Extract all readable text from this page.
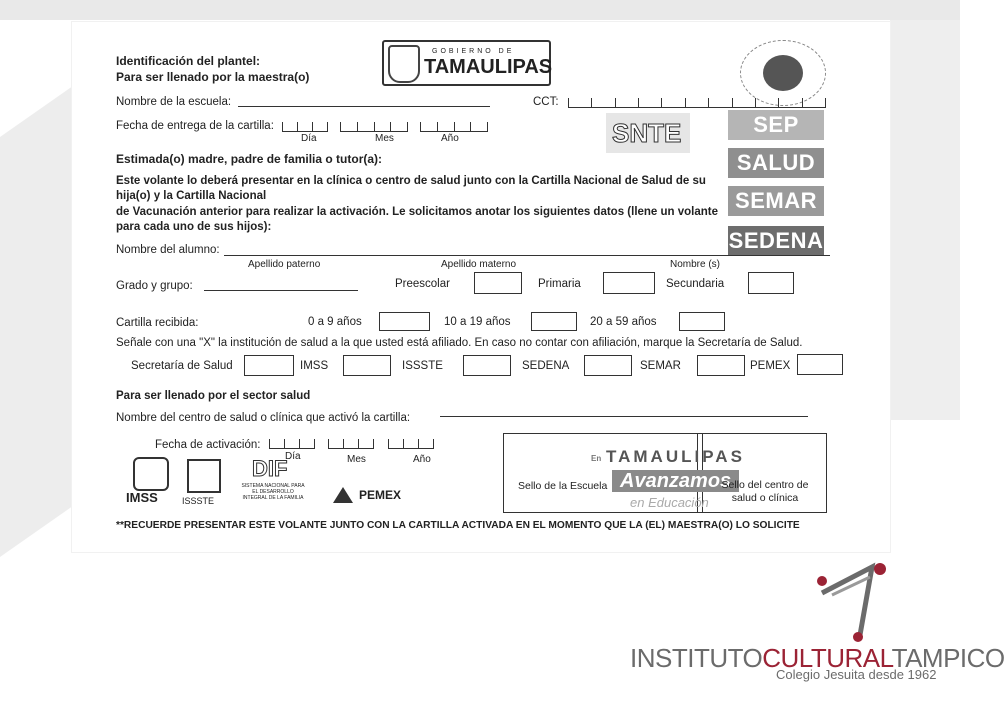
Identificación del plantel:
Para ser llenado por la maestra(o)
GOBIERNO DE
TAMAULIPAS
Nombre de la escuela:	CCT:
Fecha de entrega de la cartilla:
Día	Mes	Año	SNTE	SEP
SALUD
SEMAR
SEDENA
Estimada(o) madre, padre de familia o tutor(a):
Este volante lo deberá presentar en la clínica o centro de salud junto con la Cartilla Nacional de Salud de su
hija(o) y la Cartilla Nacional
de Vacunación anterior para realizar la activación. Le solicitamos anotar los siguientes datos (llene un volante
para cada uno de sus hijos):
Nombre del alumno:
Apellido paterno	Apellido materno	Nombre (s)
Grado y grupo:	Preescolar	Primaria	Secundaria
Cartilla recibida:	0 a 9 años	10 a 19 años	20 a 59 años
Señale con una "X" la institución de salud a la que usted está afiliado. En caso no contar con afiliación, marque la Secretaría de Salud.
Secretaría de Salud	IMSS	ISSSTE	SEDENA	SEMAR	PEMEX
Para ser llenado por el sector salud
Nombre del centro de salud o clínica que activó la cartilla:
Fecha de activación:
Día	Mes	Año
IMSS	ISSSTE
DIF
SISTEMA NACIONAL PARA EL DESARROLLO INTEGRAL DE LA FAMILIA	PEMEX
En TAMAULIPAS
Avanzamos
en Educación
Sello de la Escuela	Sello del centro de salud o clínica
**RECUERDE PRESENTAR ESTE VOLANTE JUNTO CON LA CARTILLA ACTIVADA EN EL MOMENTO QUE LA (EL) MAESTRA(O) LO SOLICITE
INSTITUTOCULTURALTAMPICO
Colegio Jesuita desde 1962
